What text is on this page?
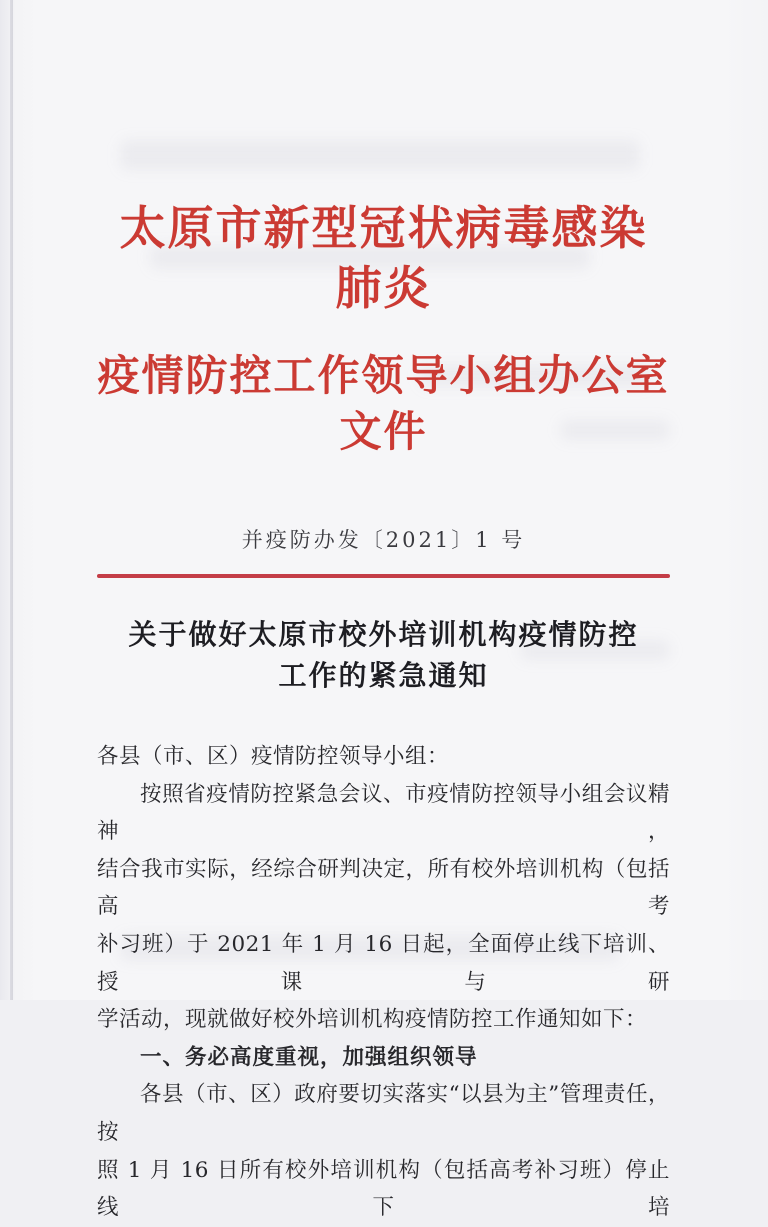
太原市新型冠状病毒感染肺炎
疫情防控工作领导小组办公室文件
并疫防办发〔2021〕1 号
关于做好太原市校外培训机构疫情防控
工作的紧急通知

各县（市、区）疫情防控领导小组：

按照省疫情防控紧急会议、市疫情防控领导小组会议精神，

结合我市实际，经综合研判决定，所有校外培训机构（包括高考

补习班）于 2021 年 1 月 16 日起，全面停止线下培训、授课与研

学活动，现就做好校外培训机构疫情防控工作通知如下：

一、务必高度重视，加强组织领导

各县（市、区）政府要切实落实“以县为主”管理责任，按

照 1 月 16 日所有校外培训机构（包括高考补习班）停止线下培
